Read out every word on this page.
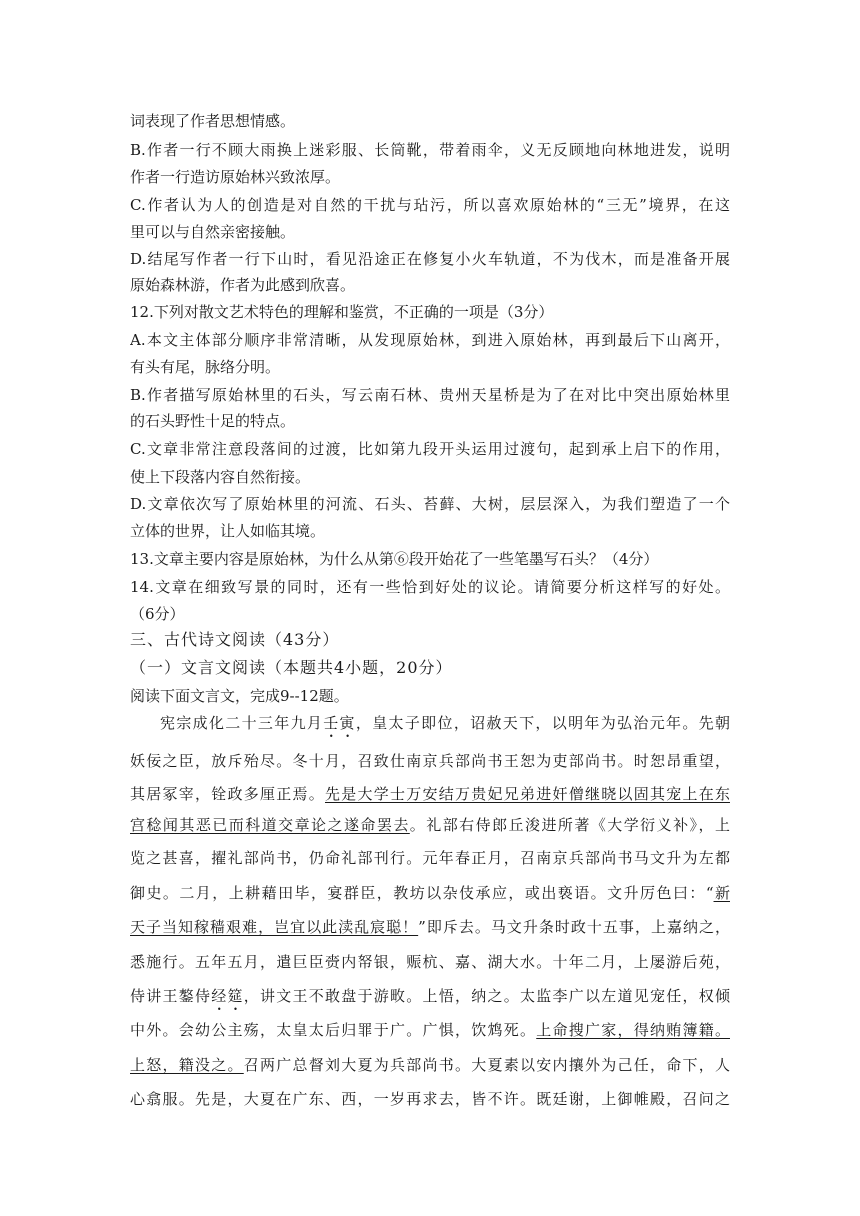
词表现了作者思想情感。
B.作者一行不顾大雨换上迷彩服、长筒靴，带着雨伞，义无反顾地向林地进发，说明
作者一行造访原始林兴致浓厚。
C.作者认为人的创造是对自然的干扰与玷污，所以喜欢原始林的“三无”境界，在这
里可以与自然亲密接触。
D.结尾写作者一行下山时，看见沿途正在修复小火车轨道，不为伐木，而是准备开展
原始森林游，作者为此感到欣喜。
12.下列对散文艺术特色的理解和鉴赏，不正确的一项是（3分）
A.本文主体部分顺序非常清晰，从发现原始林，到进入原始林，再到最后下山离开，
有头有尾，脉络分明。
B.作者描写原始林里的石头，写云南石林、贵州天星桥是为了在对比中突出原始林里
的石头野性十足的特点。
C.文章非常注意段落间的过渡，比如第九段开头运用过渡句，起到承上启下的作用，
使上下段落内容自然衔接。
D.文章依次写了原始林里的河流、石头、苔藓、大树，层层深入，为我们塑造了一个
立体的世界，让人如临其境。
13.文章主要内容是原始林，为什么从第⑥段开始花了一些笔墨写石头？（4分）
14.文章在细致写景的同时，还有一些恰到好处的议论。请简要分析这样写的好处。
（6分）
三、古代诗文阅读（43分）
（一）文言文阅读（本题共4小题，20分）
阅读下面文言文，完成9--12题。
宪宗成化二十三年九月壬寅，皇太子即位，诏赦天下，以明年为弘治元年。先朝
妖佞之臣，放斥殆尽。冬十月，召致仕南京兵部尚书王恕为吏部尚书。时恕昂重望，
其居冢宰，铨政多厘正焉。先是大学士万安结万贵妃兄弟进奸僧继晓以固其宠上在东
宫稔闻其恶已而科道交章论之遂命罢去。礼部右侍郎丘浚进所著《大学衍义补》，上
览之甚喜，擢礼部尚书，仍命礼部刊行。元年春正月，召南京兵部尚书马文升为左都
御史。二月，上耕藉田毕，宴群臣，教坊以杂伎承应，或出亵语。文升厉色曰：“新
天子当知稼穑艰难，岂宜以此渎乱宸聪！”即斥去。马文升条时政十五事，上嘉纳之，
悉施行。五年五月，遣巨臣赍内帑银，赈杭、嘉、湖大水。十年二月，上屡游后苑，
侍讲王鏊侍经筵，讲文王不敢盘于游畋。上悟，纳之。太监李广以左道见宠任，权倾
中外。会幼公主殇，太皇太后归罪于广。广惧，饮鸩死。上命搜广家，得纳贿簿籍。
上怒，籍没之。召两广总督刘大夏为兵部尚书。大夏素以安内攘外为己任，命下，人
心翕服。先是，大夏在广东、西，一岁再求去，皆不许。既廷谢，上御帷殿，召问之
